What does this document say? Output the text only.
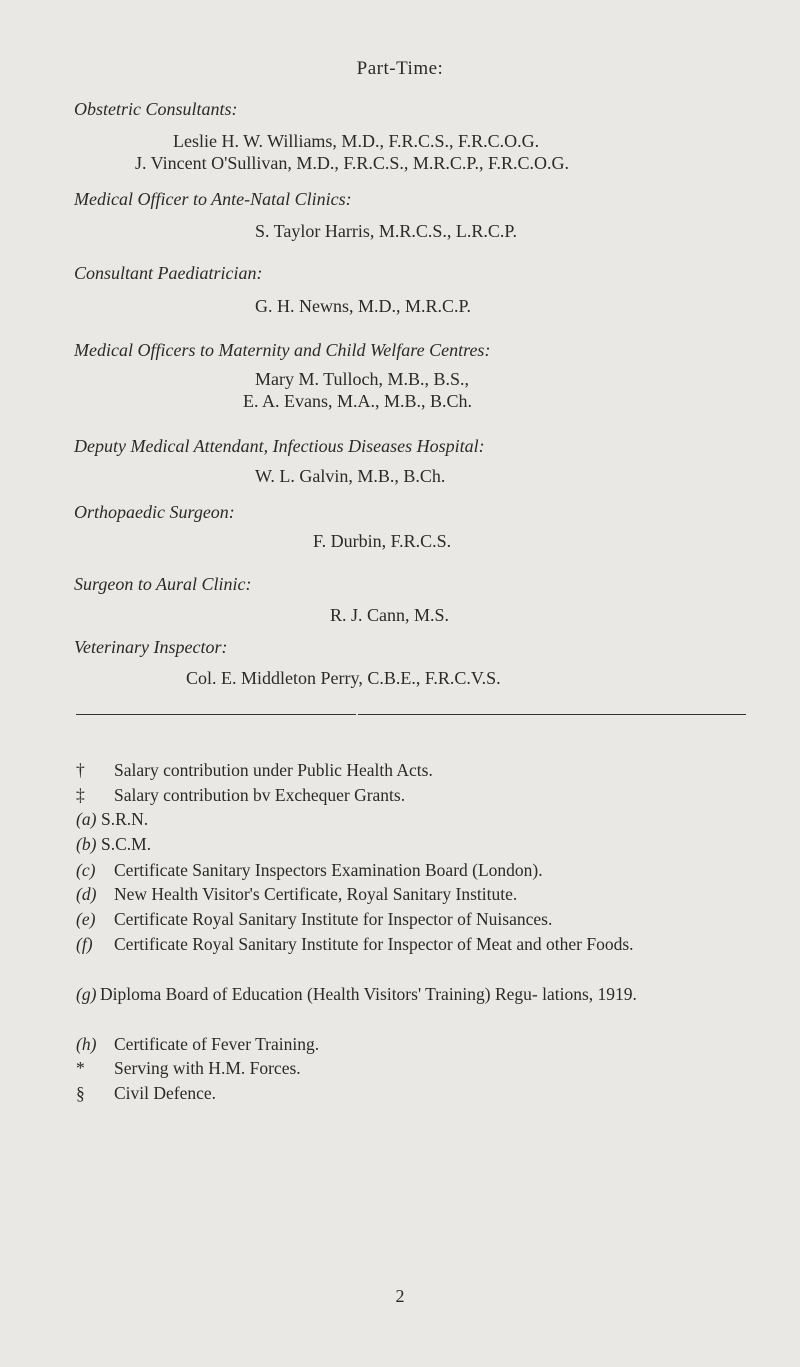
Part-Time:
Obstetric Consultants:
Leslie H. W. Williams, M.D., F.R.C.S., F.R.C.O.G.
J. Vincent O'Sullivan, M.D., F.R.C.S., M.R.C.P., F.R.C.O.G.
Medical Officer to Ante-Natal Clinics:
S. Taylor Harris, M.R.C.S., L.R.C.P.
Consultant Paediatrician:
G. H. Newns, M.D., M.R.C.P.
Medical Officers to Maternity and Child Welfare Centres:
Mary M. Tulloch, M.B., B.S.,
E. A. Evans, M.A., M.B., B.Ch.
Deputy Medical Attendant, Infectious Diseases Hospital:
W. L. Galvin, M.B., B.Ch.
Orthopaedic Surgeon:
F. Durbin, F.R.C.S.
Surgeon to Aural Clinic:
R. J. Cann, M.S.
Veterinary Inspector:
Col. E. Middleton Perry, C.B.E., F.R.C.V.S.
†	Salary contribution under Public Health Acts.
‡	Salary contribution bv Exchequer Grants.
(a) S.R.N.
(b) S.C.M.
(c)	Certificate Sanitary Inspectors Examination Board (London).
(d)	New Health Visitor's Certificate, Royal Sanitary Institute.
(e)	Certificate Royal Sanitary Institute for Inspector of Nuisances.
(f)	Certificate Royal Sanitary Institute for Inspector of Meat and other Foods.
(g) Diploma Board of Education (Health Visitors' Training) Regu- lations, 1919.
(h)	Certificate of Fever Training.
*	Serving with H.M. Forces.
§	Civil Defence.
2
